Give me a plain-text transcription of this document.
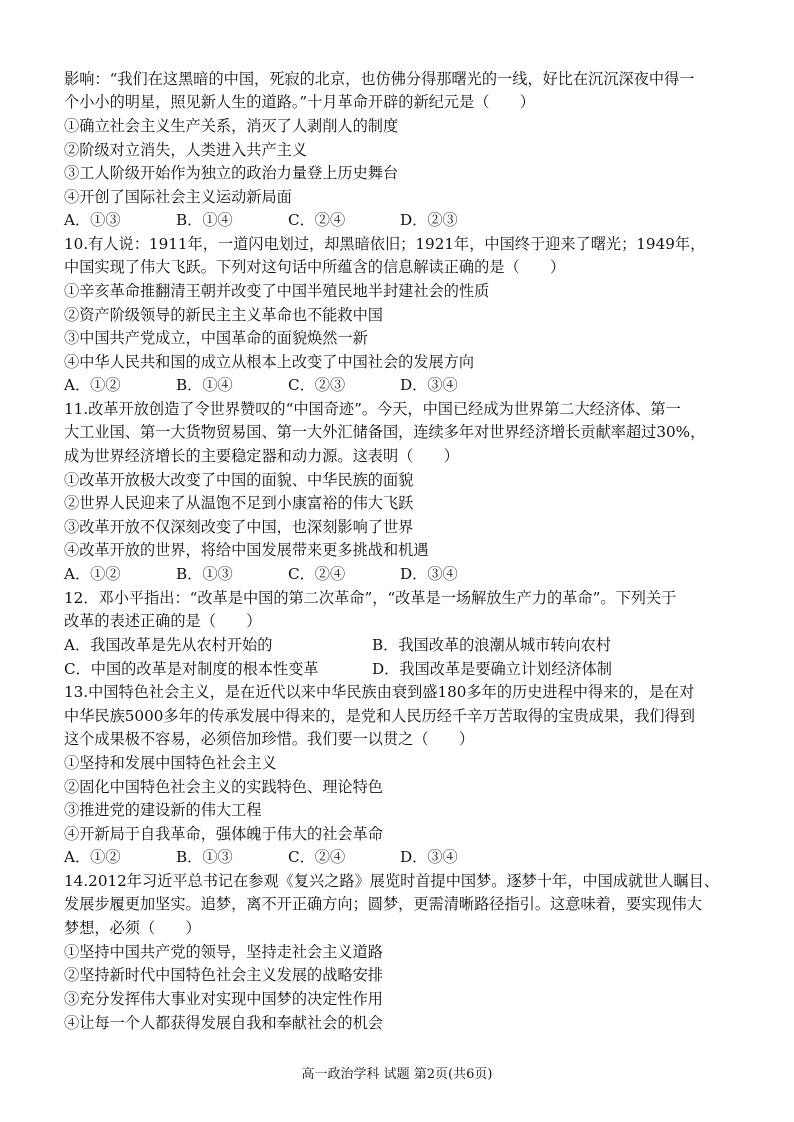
影响：“我们在这黑暗的中国，死寂的北京，也仿佛分得那曙光的一线，好比在沉沉深夜中得一
个小小的明星，照见新人生的道路。”十月革命开辟的新纪元是（　　）
①确立社会主义生产关系，消灭了人剥削人的制度
②阶级对立消失，人类进入共产主义
③工人阶级开始作为独立的政治力量登上历史舞台
④开创了国际社会主义运动新局面
A．①③	B．①④	C．②④	D．②③
10.有人说：1911年，一道闪电划过，却黑暗依旧；1921年，中国终于迎来了曙光；1949年，
中国实现了伟大飞跃。下列对这句话中所蕴含的信息解读正确的是（　　）
①辛亥革命推翻清王朝并改变了中国半殖民地半封建社会的性质
②资产阶级领导的新民主主义革命也不能救中国
③中国共产党成立，中国革命的面貌焕然一新
④中华人民共和国的成立从根本上改变了中国社会的发展方向
A．①②	B．①④	C．②③	D．③④
11.改革开放创造了令世界赞叹的“中国奇迹”。今天，中国已经成为世界第二大经济体、第一
大工业国、第一大货物贸易国、第一大外汇储备国，连续多年对世界经济增长贡献率超过30%，
成为世界经济增长的主要稳定器和动力源。这表明（　　）
①改革开放极大改变了中国的面貌、中华民族的面貌
②世界人民迎来了从温饱不足到小康富裕的伟大飞跃
③改革开放不仅深刻改变了中国，也深刻影响了世界
④改革开放的世界，将给中国发展带来更多挑战和机遇
A．①②	B．①③	C．②④	D．③④
12．邓小平指出：“改革是中国的第二次革命”，“改革是一场解放生产力的革命”。下列关于
改革的表述正确的是（　　）
A．我国改革是先从农村开始的	B．我国改革的浪潮从城市转向农村
C．中国的改革是对制度的根本性变革	D．我国改革是要确立计划经济体制
13.中国特色社会主义，是在近代以来中华民族由衰到盛180多年的历史进程中得来的，是在对
中华民族5000多年的传承发展中得来的，是党和人民历经千辛万苦取得的宝贵成果，我们得到
这个成果极不容易，必须倍加珍惜。我们要一以贯之（　　）
①坚持和发展中国特色社会主义
②固化中国特色社会主义的实践特色、理论特色
③推进党的建设新的伟大工程
④开新局于自我革命，强体魄于伟大的社会革命
A．①②	B．①③	C．②④	D．③④
14.2012年习近平总书记在参观《复兴之路》展览时首提中国梦。逐梦十年，中国成就世人瞩目、
发展步履更加坚实。追梦，离不开正确方向；圆梦，更需清晰路径指引。这意味着，要实现伟大
梦想，必须（　　）
①坚持中国共产党的领导，坚持走社会主义道路
②坚持新时代中国特色社会主义发展的战略安排
③充分发挥伟大事业对实现中国梦的决定性作用
④让每一个人都获得发展自我和奉献社会的机会
高一政治学科 试题 第2页(共6页)
